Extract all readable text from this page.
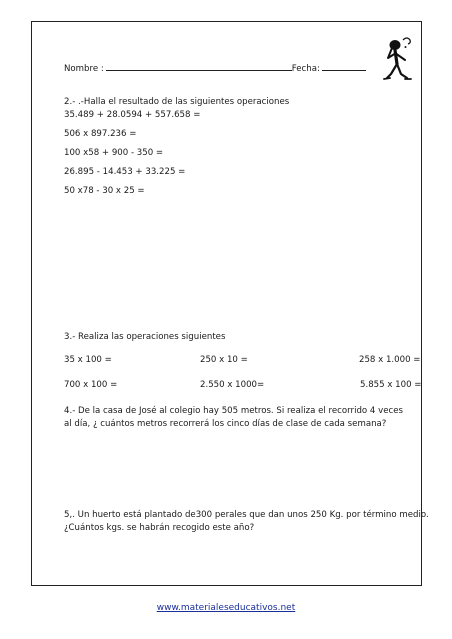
Nombre :	Fecha:
2.- .-Halla el resultado de las siguientes operaciones
35.489 + 28.0594 + 557.658 =
506 x 897.236 =
100 x58 + 900 - 350 =
26.895 - 14.453 + 33.225 =
50 x78 - 30 x 25 =
3.- Realiza las operaciones siguientes
35 x 100 =	250 x 10 =	258 x 1.000 =
700 x 100 =	2.550 x 1000=	5.855 x 100 =
4.- De la casa de José al colegio hay 505 metros. Si realiza el recorrido 4 veces
al día, ¿ cuántos metros recorrerá los cinco días de clase de cada semana?
5,. Un huerto está plantado de300 perales que dan unos 250 Kg. por término medio.
¿Cuántos kgs. se habrán recogido este año?
www.materialeseducativos.net
